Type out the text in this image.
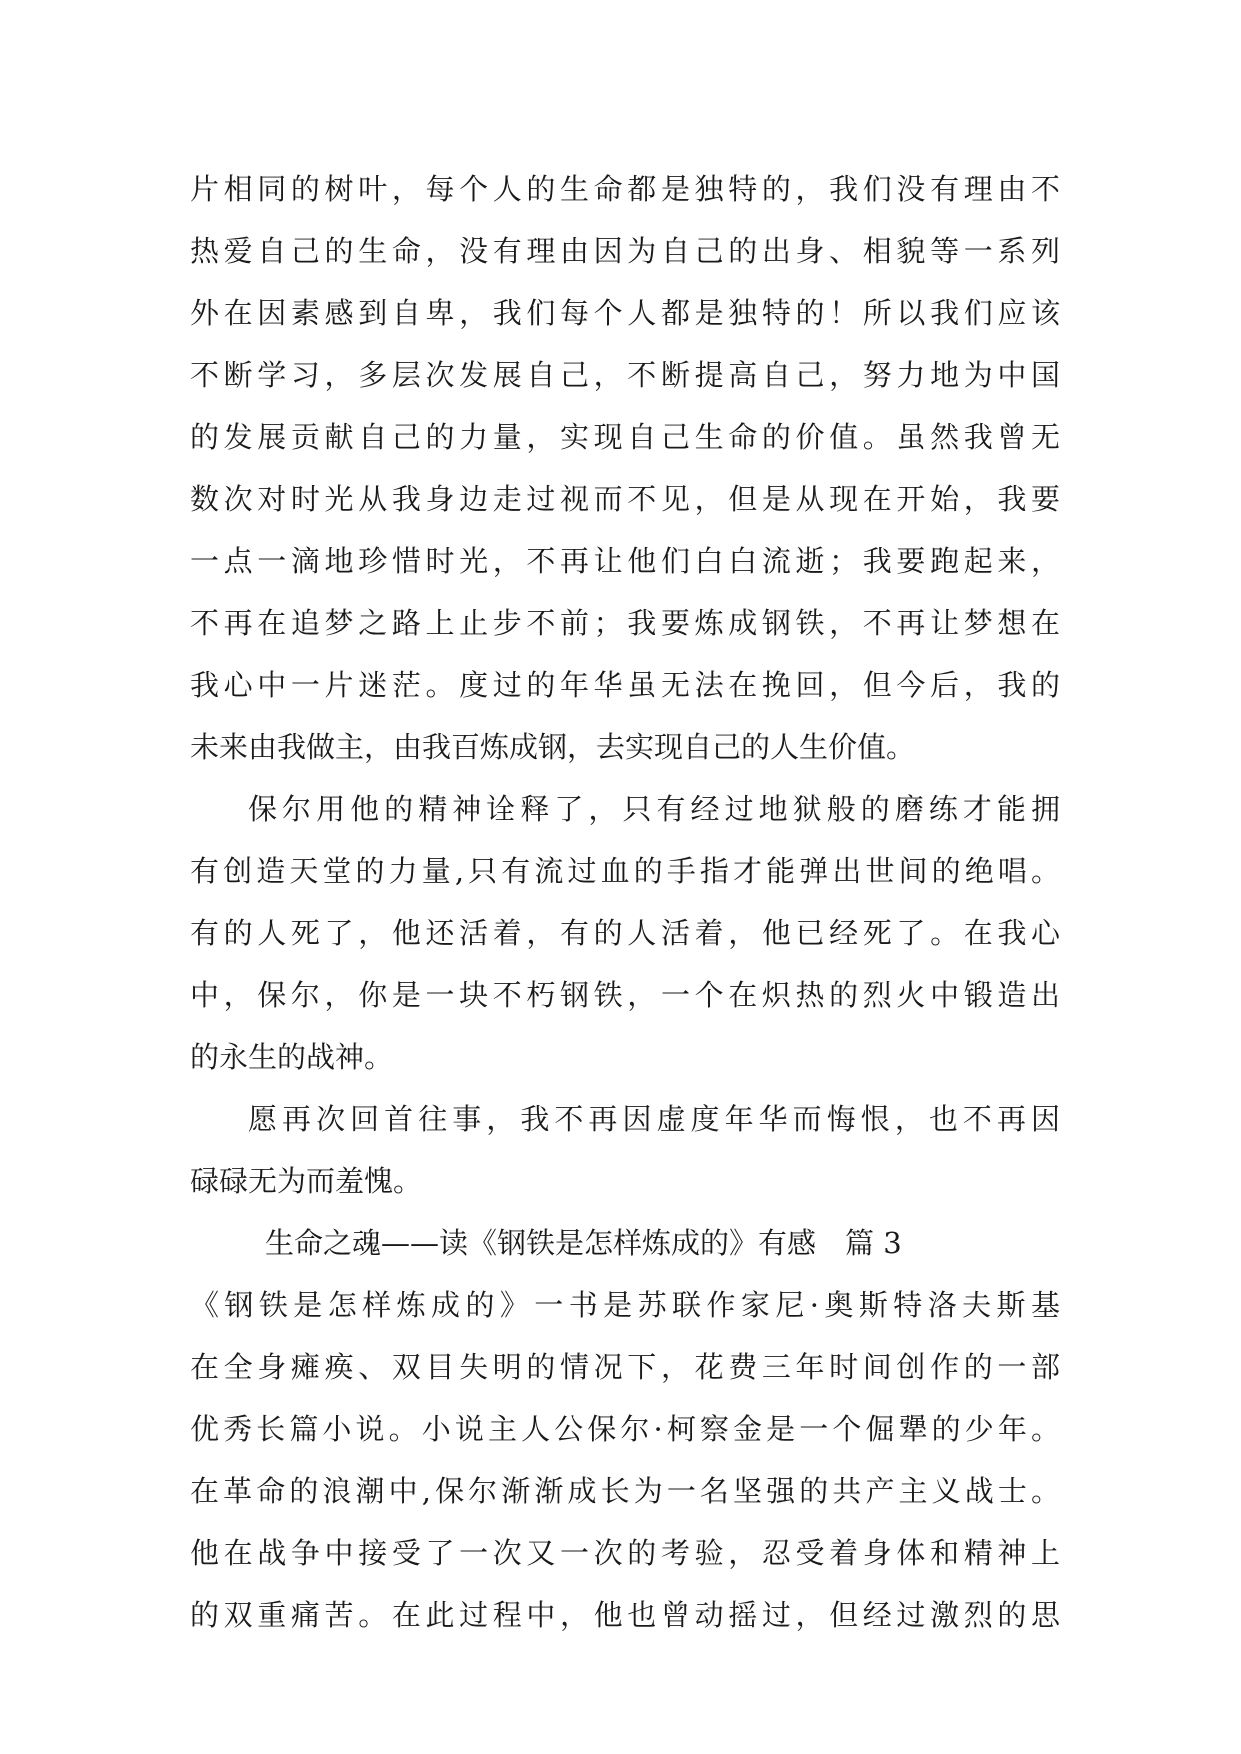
片相同的树叶，每个人的生命都是独特的，我们没有理由不
热爱自己的生命，没有理由因为自己的出身、相貌等一系列
外在因素感到自卑，我们每个人都是独特的！所以我们应该
不断学习，多层次发展自己，不断提高自己，努力地为中国
的发展贡献自己的力量，实现自己生命的价值。虽然我曾无
数次对时光从我身边走过视而不见，但是从现在开始，我要
一点一滴地珍惜时光，不再让他们白白流逝；我要跑起来，
不再在追梦之路上止步不前；我要炼成钢铁，不再让梦想在
我心中一片迷茫。度过的年华虽无法在挽回，但今后，我的
未来由我做主，由我百炼成钢，去实现自己的人生价值。
保尔用他的精神诠释了，只有经过地狱般的磨练才能拥
有创造天堂的力量,只有流过血的手指才能弹出世间的绝唱。
有的人死了，他还活着，有的人活着，他已经死了。在我心
中，保尔，你是一块不朽钢铁，一个在炽热的烈火中锻造出
的永生的战神。
愿再次回首往事，我不再因虚度年华而悔恨，也不再因
碌碌无为而羞愧。
生命之魂——读《钢铁是怎样炼成的》有感　篇 3
《钢铁是怎样炼成的》一书是苏联作家尼·奥斯特洛夫斯基
在全身瘫痪、双目失明的情况下，花费三年时间创作的一部
优秀长篇小说。小说主人公保尔·柯察金是一个倔犟的少年。
在革命的浪潮中,保尔渐渐成长为一名坚强的共产主义战士。
他在战争中接受了一次又一次的考验，忍受着身体和精神上
的双重痛苦。在此过程中，他也曾动摇过，但经过激烈的思
